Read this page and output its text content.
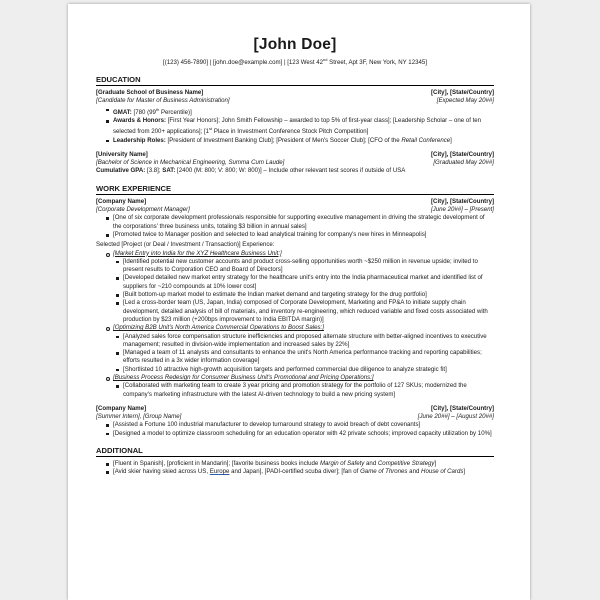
[John Doe]
[(123) 456-7890] | [john.doe@example.com] | [123 West 42nd Street, Apt 3F, New York, NY 12345]
EDUCATION
[Graduate School of Business Name]	[City], [State/Country]
[Candidate for Master of Business Administration]	[Expected May 20##]
GMAT: [780 (99th Percentile)]
Awards & Honors: [First Year Honors]; John Smith Fellowship – awarded to top 5% of first-year class]; [Leadership Scholar – one of ten selected from 200+ applications]; [1st Place in Investment Conference Stock Pitch Competition]
Leadership Roles: [President of Investment Banking Club]; [President of Men's Soccer Club]; [CFO of the Retail Conference]
[University Name]	[City], [State/Country]
[Bachelor of Science in Mechanical Engineering, Summa Cum Laude]	[Graduated May 20##]
Cumulative GPA: [3.8]; SAT: [2400 (M: 800; V: 800; W: 800)] – Include other relevant test scores if outside of USA
WORK EXPERIENCE
[Company Name]	[City], [State/Country]
[Corporate Development Manager]	[June 20##] – [Present]
[One of six corporate development professionals responsible for supporting executive management in driving the strategic development of the corporations' three business units, totaling $3 billion in annual sales]
[Promoted twice to Manager position and selected to lead analytical training for company's new hires in Minneapolis]
Selected [Project (or Deal / Investment / Transaction)] Experience:
[Market Entry into India for the XYZ Healthcare Business Unit:]
[Identified potential new customer accounts and product cross-selling opportunities worth ~$250 million in revenue upside; invited to present results to Corporation CEO and Board of Directors]
[Developed detailed new market entry strategy for the healthcare unit's entry into the India pharmaceutical market and identified list of suppliers for ~210 compounds at 10% lower cost]
[Built bottom-up market model to estimate the Indian market demand and targeting strategy for the drug portfolio]
[Led a cross-border team (US, Japan, India) composed of Corporate Development, Marketing and FP&A to initiate supply chain development, detailed analysis of bill of materials, and inventory re-engineering, which reduced variable and fixed costs associated with production by $23 million (+200bps improvement to India EBITDA margin)]
[Optimizing B2B Unit's North America Commercial Operations to Boost Sales:]
[Analyzed sales force compensation structure inefficiencies and proposed alternate structure with better-aligned incentives to executive management; resulted in division-wide implementation and increased sales by 22%]
[Managed a team of 11 analysts and consultants to enhance the unit's North America performance tracking and reporting capabilities; efforts resulted in a 3x wider information coverage]
[Shortlisted 10 attractive high-growth acquisition targets and performed commercial due diligence to analyze strategic fit]
[Business Process Redesign for Consumer Business Unit's Promotional and Pricing Operations:]
[Collaborated with marketing team to create 3 year pricing and promotion strategy for the portfolio of 127 SKUs; modernized the company's marketing infrastructure with the latest AI-driven technology to build a new pricing system]
[Company Name]	[City], [State/Country]
[Summer Intern], [Group Name]	[June 20##] – [August 20##]
[Assisted a Fortune 100 industrial manufacturer to develop turnaround strategy to avoid breach of debt covenants]
[Designed a model to optimize classroom scheduling for an education operator with 42 private schools; improved capacity utilization by 10%]
ADDITIONAL
[Fluent in Spanish], [proficient in Mandarin]; [favorite business books include Margin of Safety and Competitive Strategy]
[Avid skier having skied across US, Europe and Japan], [PADI-certified scuba diver]; [fan of Game of Thrones and House of Cards]
